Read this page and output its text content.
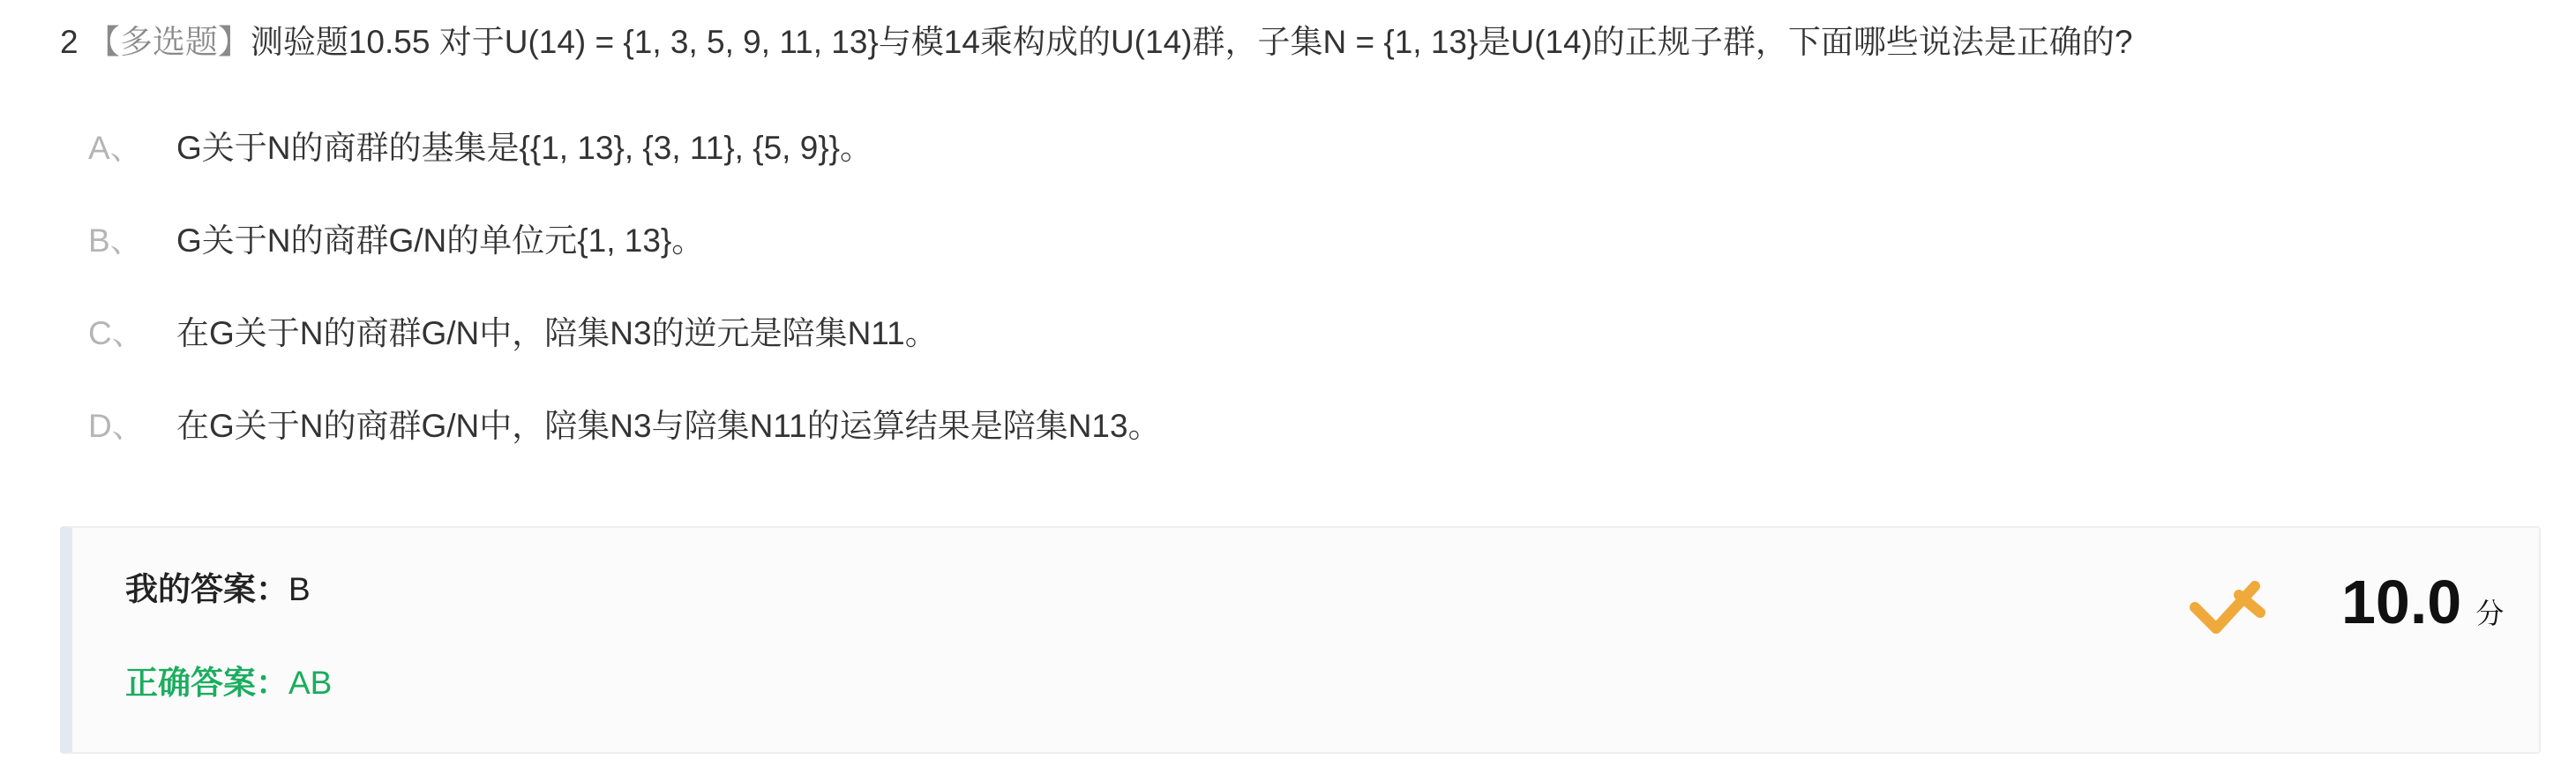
2 【多选题】测验题10.55 对于U(14) = {1, 3, 5, 9, 11, 13}与模14乘构成的U(14)群，子集N = {1, 13}是U(14)的正规子群，下面哪些说法是正确的?
A、 G关于N的商群的基集是{{1, 13}, {3, 11}, {5, 9}}。
B、 G关于N的商群G/N的单位元{1, 13}。
C、 在G关于N的商群G/N中，陪集N3的逆元是陪集N11。
D、 在G关于N的商群G/N中，陪集N3与陪集N11的运算结果是陪集N13。
我的答案：B
正确答案：AB
10.0 分
